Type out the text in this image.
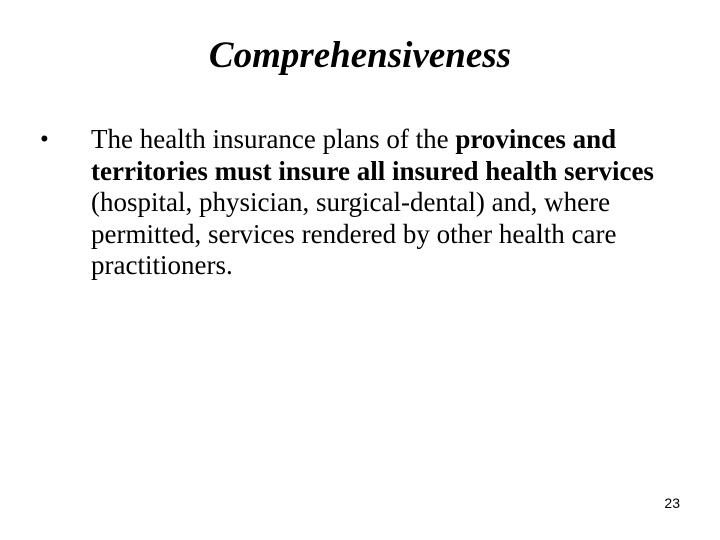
Comprehensiveness
• The health insurance plans of the provinces and territories must insure all insured health services (hospital, physician, surgical-dental) and, where permitted, services rendered by other health care practitioners.
23
